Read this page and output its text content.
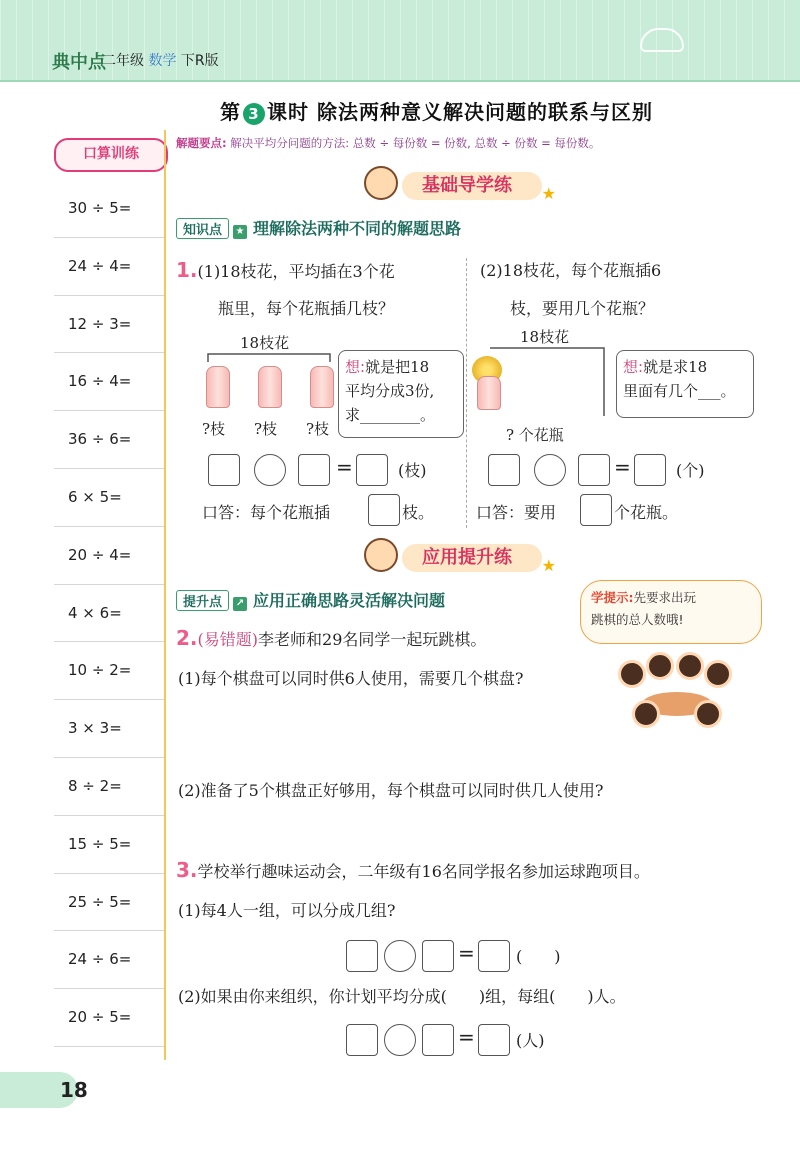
典中点
二年级 数学 下R版
第 3 课时 除法两种意义解决问题的联系与区别
解题要点: 解决平均分问题的方法: 总数 ÷ 每份数 = 份数, 总数 ÷ 份数 = 每份数。
口算训练
30 ÷ 5=
24 ÷ 4=
12 ÷ 3=
16 ÷ 4=
36 ÷ 6=
6 × 5=
20 ÷ 4=
4 × 6=
10 ÷ 2=
3 × 3=
8 ÷ 2=
15 ÷ 5=
25 ÷ 5=
24 ÷ 6=
20 ÷ 5=
基础导学练 ★
知识点 ★ 理解除法两种不同的解题思路
1.(1)18枝花，平均插在3个花
瓶里，每个花瓶插几枝？
18枝花
?枝 ?枝 ?枝
想:就是把18
平均分成3份,
求________。
=	(枝)
口答：每个花瓶插	枝。
(2)18枝花，每个花瓶插6
枝，要用几个花瓶？
18枝花
? 个花瓶
想:就是求18
里面有几个___。
=	(个)
口答：要用	个花瓶。
应用提升练 ★
提升点 ↗ 应用正确思路灵活解决问题	学提示:先要求出玩
跳棋的总人数哦!
2.(易错题)李老师和29名同学一起玩跳棋。
(1)每个棋盘可以同时供6人使用，需要几个棋盘?
(2)准备了5个棋盘正好够用，每个棋盘可以同时供几人使用?
3.学校举行趣味运动会，二年级有16名同学报名参加运球跑项目。
(1)每4人一组，可以分成几组?
=	(　　)
(2)如果由你来组织，你计划平均分成(　　)组，每组(　　)人。
=	(人)
18
